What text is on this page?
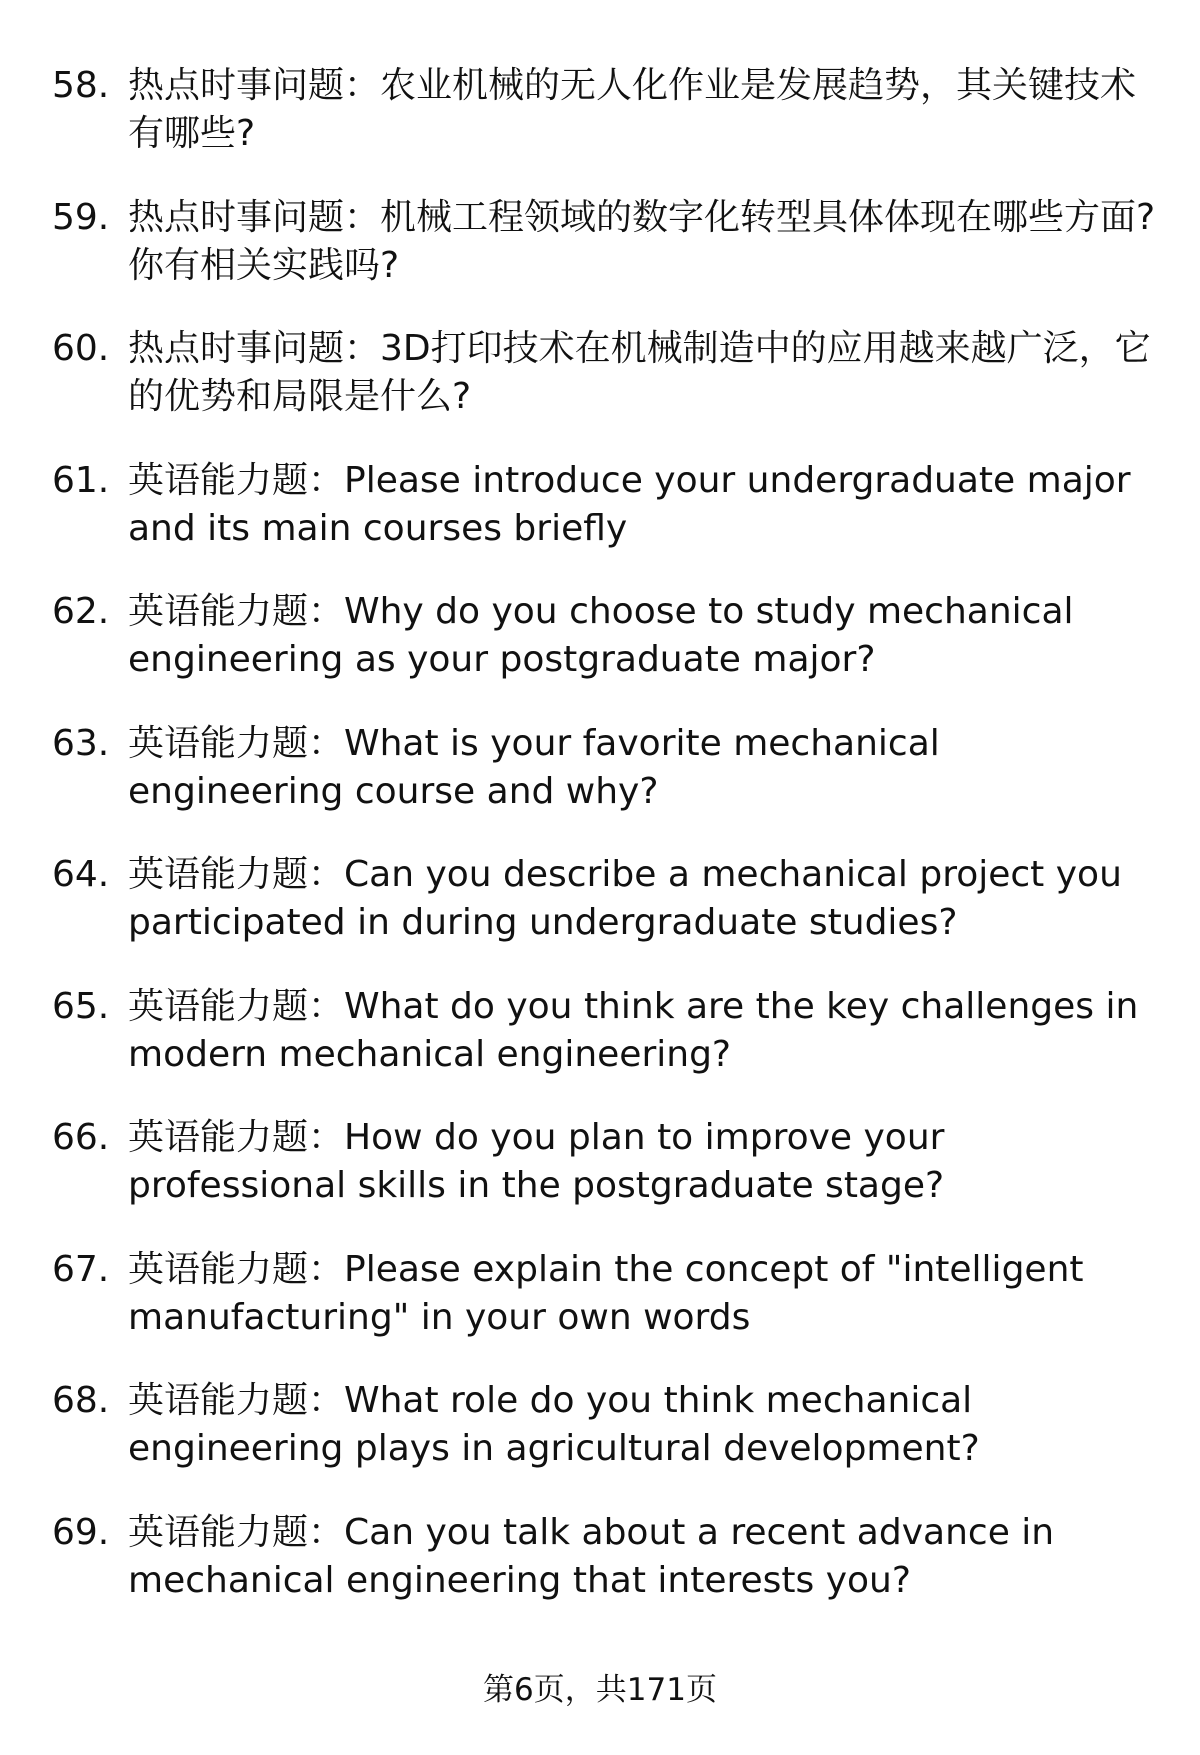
58. 热点时事问题：农业机械的无人化作业是发展趋势，其关键技术有哪些?
59. 热点时事问题：机械工程领域的数字化转型具体体现在哪些方面?你有相关实践吗?
60. 热点时事问题：3D打印技术在机械制造中的应用越来越广泛，它的优势和局限是什么?
61. 英语能力题：Please introduce your undergraduate major and its main courses briefly
62. 英语能力题：Why do you choose to study mechanical engineering as your postgraduate major?
63. 英语能力题：What is your favorite mechanical engineering course and why?
64. 英语能力题：Can you describe a mechanical project you participated in during undergraduate studies?
65. 英语能力题：What do you think are the key challenges in modern mechanical engineering?
66. 英语能力题：How do you plan to improve your professional skills in the postgraduate stage?
67. 英语能力题：Please explain the concept of "intelligent manufacturing" in your own words
68. 英语能力题：What role do you think mechanical engineering plays in agricultural development?
69. 英语能力题：Can you talk about a recent advance in mechanical engineering that interests you?
第6页，共171页
